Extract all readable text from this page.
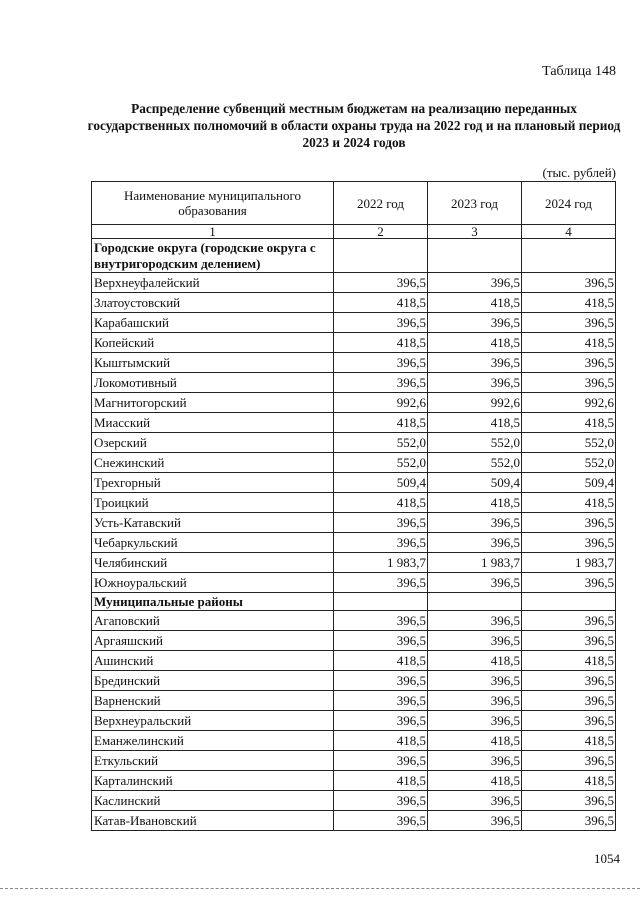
Таблица 148
Распределение субвенций местным бюджетам на реализацию переданных государственных полномочий в области охраны труда на 2022 год и на плановый период 2023 и 2024 годов
(тыс. рублей)
Наименование муниципального образования	2022 год	2023 год	2024 год
1	2	3	4
Городские округа (городские округа с внутригородским делением)			
Верхнеуфалейский	396,5	396,5	396,5
Златоустовский	418,5	418,5	418,5
Карабашский	396,5	396,5	396,5
Копейский	418,5	418,5	418,5
Кыштымский	396,5	396,5	396,5
Локомотивный	396,5	396,5	396,5
Магнитогорский	992,6	992,6	992,6
Миасский	418,5	418,5	418,5
Озерский	552,0	552,0	552,0
Снежинский	552,0	552,0	552,0
Трехгорный	509,4	509,4	509,4
Троицкий	418,5	418,5	418,5
Усть-Катавский	396,5	396,5	396,5
Чебаркульский	396,5	396,5	396,5
Челябинский	1 983,7	1 983,7	1 983,7
Южноуральский	396,5	396,5	396,5
Муниципальные районы			
Агаповский	396,5	396,5	396,5
Аргаяшский	396,5	396,5	396,5
Ашинский	418,5	418,5	418,5
Брединский	396,5	396,5	396,5
Варненский	396,5	396,5	396,5
Верхнеуральский	396,5	396,5	396,5
Еманжелинский	418,5	418,5	418,5
Еткульский	396,5	396,5	396,5
Карталинский	418,5	418,5	418,5
Каслинский	396,5	396,5	396,5
Катав-Ивановский	396,5	396,5	396,5
1054
